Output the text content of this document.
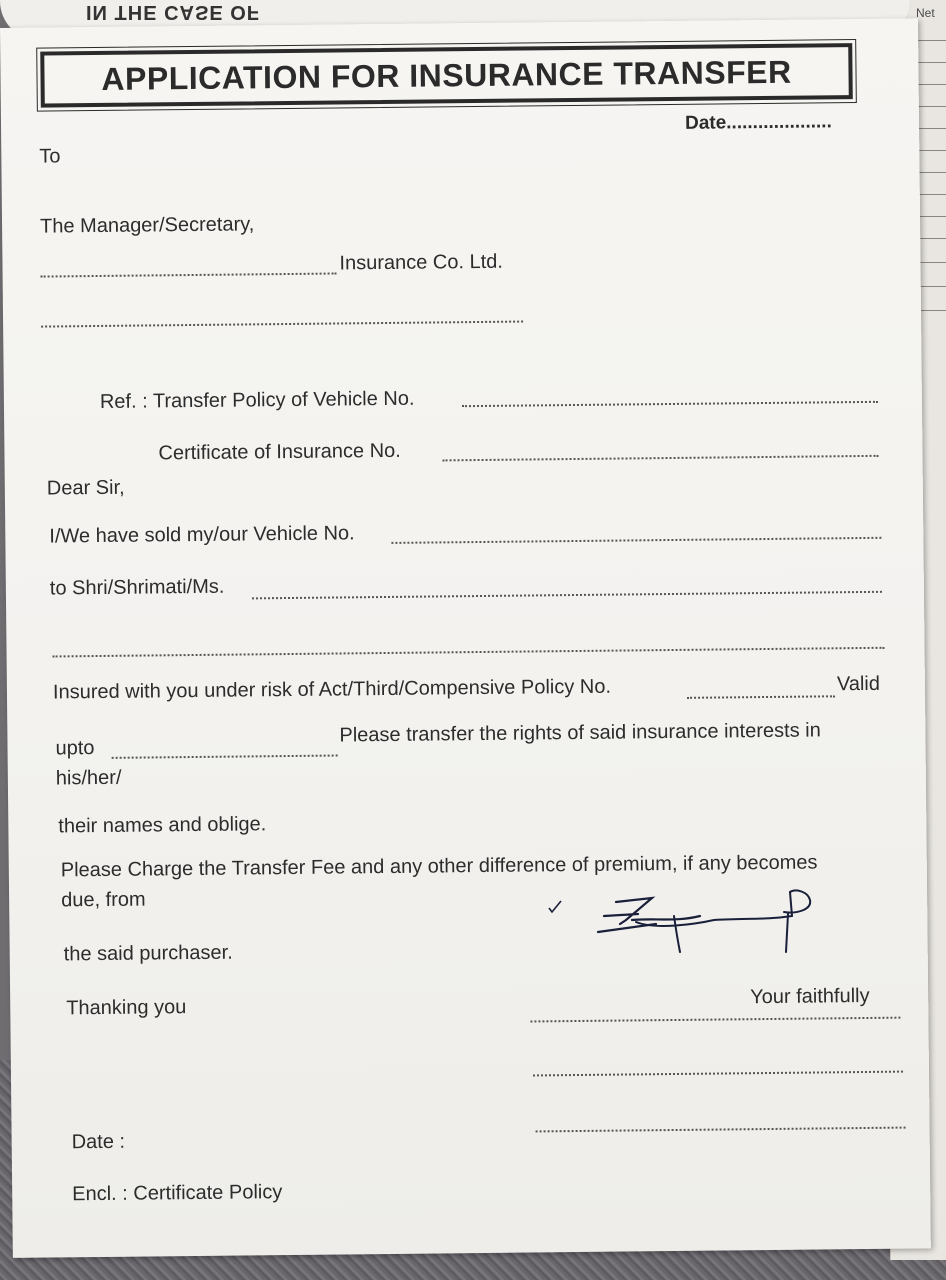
Net
IN THE CASE OF
APPLICATION FOR INSURANCE TRANSFER
Date....................
To
The Manager/Secretary,
Insurance Co. Ltd.
Ref. : Transfer Policy of Vehicle No.
Certificate of Insurance No.
Dear Sir,
I/We have sold my/our Vehicle No.
to Shri/Shrimati/Ms.
Insured with you under risk of Act/Third/Compensive Policy No.	Valid
upto
Please transfer the rights of said insurance interests in
his/her/
their names and oblige.
Please Charge the Transfer Fee and any other difference of premium, if any becomes
due, from
the said purchaser.
Thanking you	Your faithfully
Date :
Encl. : Certificate Policy
